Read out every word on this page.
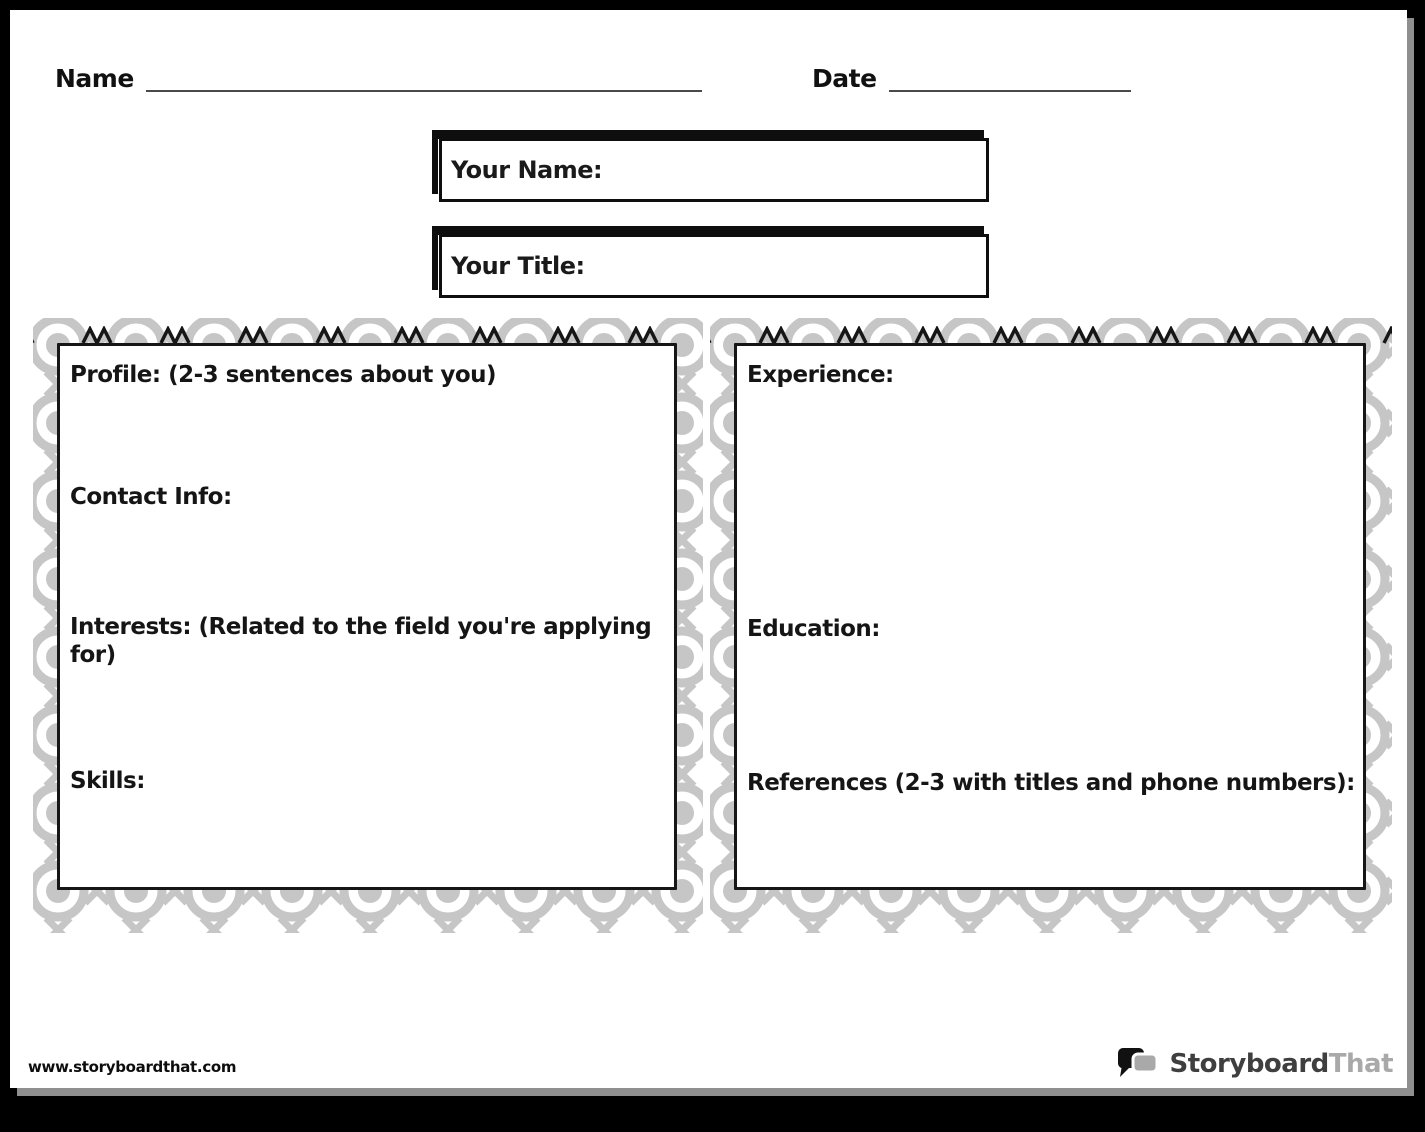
Name	Date
Your Name:
Your Title:
Profile: (2-3 sentences about you)
Contact Info:
Interests: (Related to the field you're applying for)
Skills:
Experience:
Education:
References (2-3 with titles and phone numbers):
www.storyboardthat.com	StoryboardThat
